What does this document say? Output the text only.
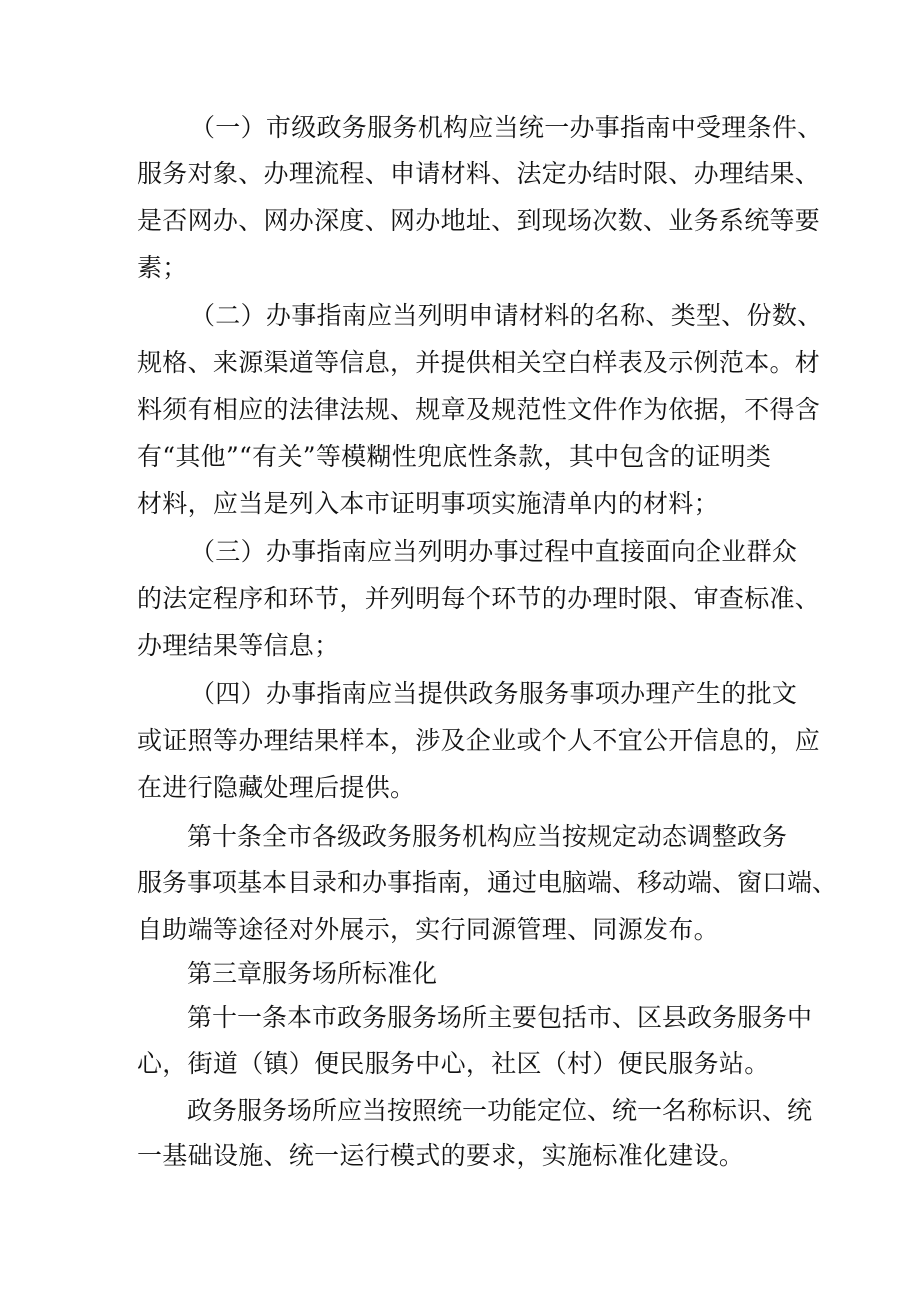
（一）市级政务服务机构应当统一办事指南中受理条件、
服务对象、办理流程、申请材料、法定办结时限、办理结果、
是否网办、网办深度、网办地址、到现场次数、业务系统等要
素；
（二）办事指南应当列明申请材料的名称、类型、份数、
规格、来源渠道等信息，并提供相关空白样表及示例范本。材
料须有相应的法律法规、规章及规范性文件作为依据，不得含
有“其他”“有关”等模糊性兜底性条款，其中包含的证明类
材料，应当是列入本市证明事项实施清单内的材料；
（三）办事指南应当列明办事过程中直接面向企业群众
的法定程序和环节，并列明每个环节的办理时限、审查标准、
办理结果等信息；
（四）办事指南应当提供政务服务事项办理产生的批文
或证照等办理结果样本，涉及企业或个人不宜公开信息的，应
在进行隐藏处理后提供。
第十条全市各级政务服务机构应当按规定动态调整政务
服务事项基本目录和办事指南，通过电脑端、移动端、窗口端、
自助端等途径对外展示，实行同源管理、同源发布。
第三章服务场所标准化
第十一条本市政务服务场所主要包括市、区县政务服务中
心，街道（镇）便民服务中心，社区（村）便民服务站。
政务服务场所应当按照统一功能定位、统一名称标识、统
一基础设施、统一运行模式的要求，实施标准化建设。
